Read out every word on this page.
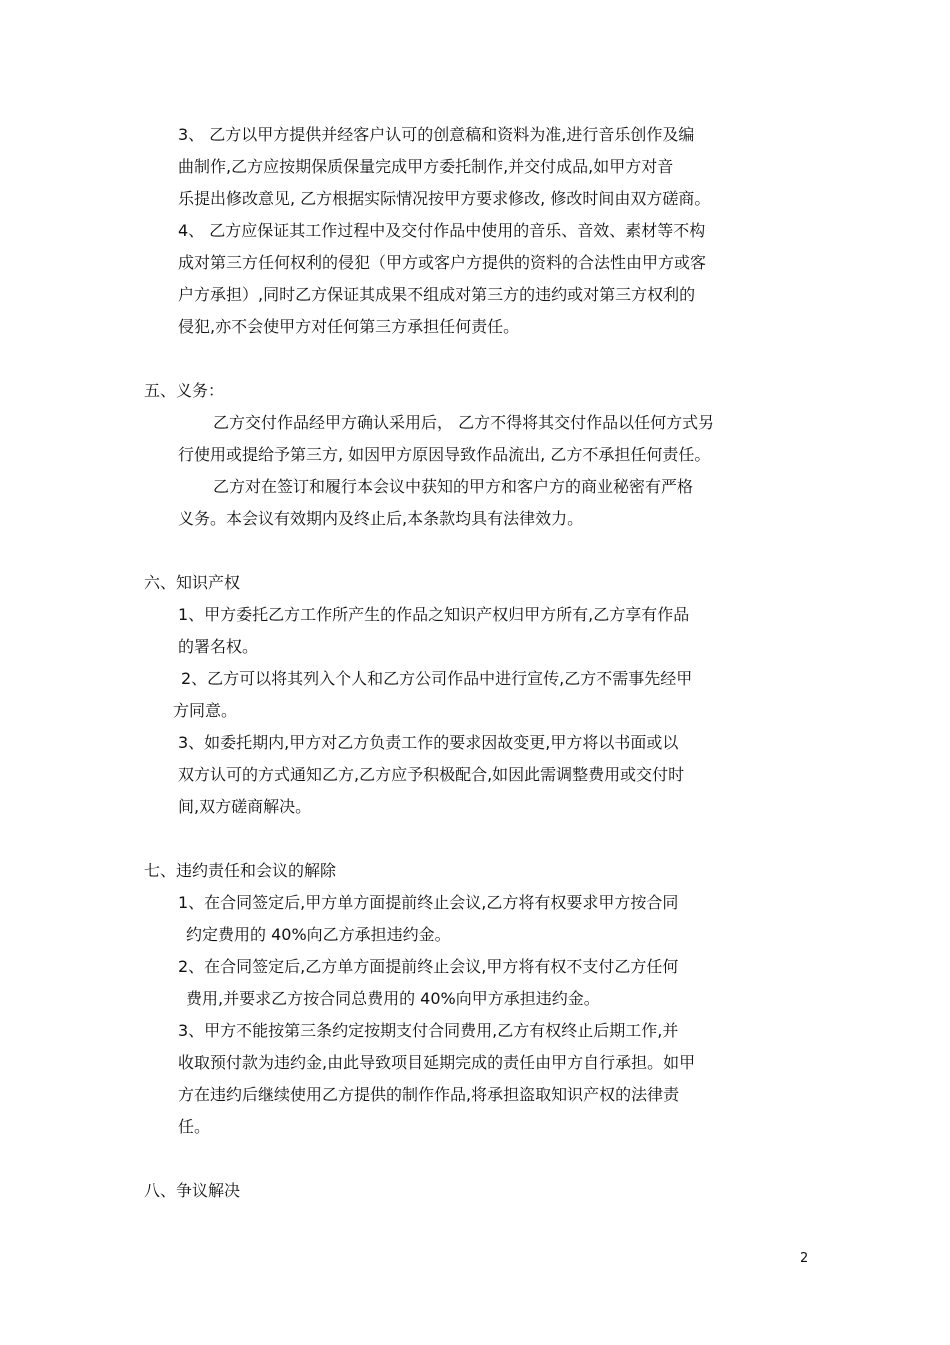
3、 乙方以甲方提供并经客户认可的创意稿和资料为准,进行音乐创作及编
曲制作,乙方应按期保质保量完成甲方委托制作,并交付成品,如甲方对音
乐提出修改意见, 乙方根据实际情况按甲方要求修改, 修改时间由双方磋商。
4、 乙方应保证其工作过程中及交付作品中使用的音乐、音效、素材等不构
成对第三方任何权利的侵犯（甲方或客户方提供的资料的合法性由甲方或客
户方承担）,同时乙方保证其成果不组成对第三方的违约或对第三方权利的
侵犯,亦不会使甲方对任何第三方承担任何责任。
五、义务：
乙方交付作品经甲方确认采用后， 乙方不得将其交付作品以任何方式另
行使用或提给予第三方, 如因甲方原因导致作品流出, 乙方不承担任何责任。
乙方对在签订和履行本会议中获知的甲方和客户方的商业秘密有严格
义务。本会议有效期内及终止后,本条款均具有法律效力。
六、知识产权
1、甲方委托乙方工作所产生的作品之知识产权归甲方所有,乙方享有作品
的署名权。
2、乙方可以将其列入个人和乙方公司作品中进行宣传,乙方不需事先经甲
方同意。
3、如委托期内,甲方对乙方负责工作的要求因故变更,甲方将以书面或以
双方认可的方式通知乙方,乙方应予积极配合,如因此需调整费用或交付时
间,双方磋商解决。
七、违约责任和会议的解除
1、在合同签定后,甲方单方面提前终止会议,乙方将有权要求甲方按合同
约定费用的 40%向乙方承担违约金。
2、在合同签定后,乙方单方面提前终止会议,甲方将有权不支付乙方任何
费用,并要求乙方按合同总费用的 40%向甲方承担违约金。
3、甲方不能按第三条约定按期支付合同费用,乙方有权终止后期工作,并
收取预付款为违约金,由此导致项目延期完成的责任由甲方自行承担。如甲
方在违约后继续使用乙方提供的制作作品,将承担盗取知识产权的法律责
任。
八、争议解决
2
